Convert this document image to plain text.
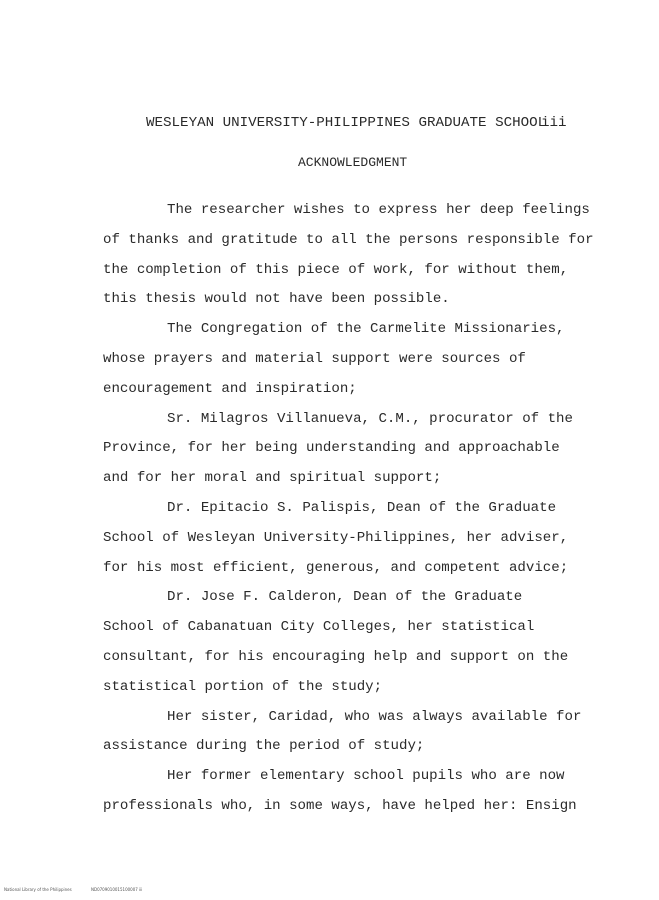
WESLEYAN UNIVERSITY-PHILIPPINES GRADUATE SCHOOL
iii
ACKNOWLEDGMENT
The researcher wishes to express her deep feelings
of thanks and gratitude to all the persons responsible for
the completion of this piece of work, for without them,
this thesis would not have been possible.
The Congregation of the Carmelite Missionaries,
whose prayers and material support were sources of
encouragement and inspiration;
Sr. Milagros Villanueva, C.M., procurator of the
Province, for her being understanding and approachable
and for her moral and spiritual support;
Dr. Epitacio S. Palispis, Dean of the Graduate
School of Wesleyan University-Philippines, her adviser,
for his most efficient, generous, and competent advice;
Dr. Jose F. Calderon, Dean of the Graduate
School of Cabanatuan City Colleges, her statistical
consultant, for his encouraging help and support on the
statistical portion of the study;
Her sister, Caridad, who was always available for
assistance during the period of study;
Her former elementary school pupils who are now
professionals who, in some ways, have helped her: Ensign
National Library of the Philippines	ND0709010015100007 iii
